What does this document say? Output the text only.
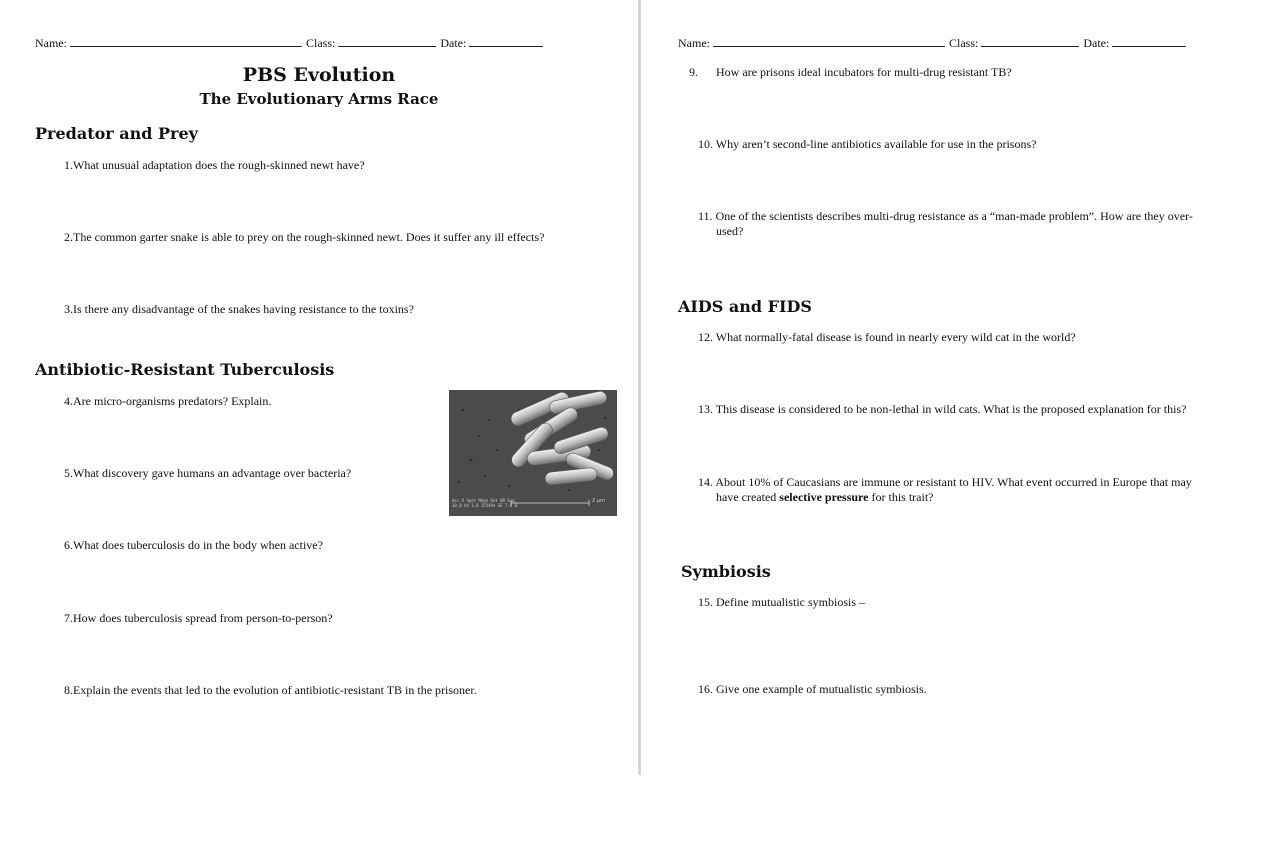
Name:	Class:	Date:
PBS Evolution
The Evolutionary Arms Race
Predator and Prey
1. What unusual adaptation does the rough-skinned newt have?
2. The common garter snake is able to prey on the rough-skinned newt. Does it suffer any ill effects?
3. Is there any disadvantage of the snakes having resistance to the toxins?
Antibiotic-Resistant Tuberculosis
4. Are micro-organisms predators? Explain.
5. What discovery gave humans an advantage over bacteria?
Acc.V Spot Magn Det WD Exp
30.0 kV 3.0 15549x SE 7.4 0
2 μm
6. What does tuberculosis do in the body when active?
7. How does tuberculosis spread from person-to-person?
8. Explain the events that led to the evolution of antibiotic-resistant TB in the prisoner.
Name:	Class:	Date:
9. How are prisons ideal incubators for multi-drug resistant TB?
10. Why aren’t second-line antibiotics available for use in the prisons?
11. One of the scientists describes multi-drug resistance as a “man-made problem”. How are they over-
used?
AIDS and FIDS
12. What normally-fatal disease is found in nearly every wild cat in the world?
13. This disease is considered to be non-lethal in wild cats. What is the proposed explanation for this?
14. About 10% of Caucasians are immune or resistant to HIV. What event occurred in Europe that may
have created selective pressure for this trait?
Symbiosis
15. Define mutualistic symbiosis –
16. Give one example of mutualistic symbiosis.
